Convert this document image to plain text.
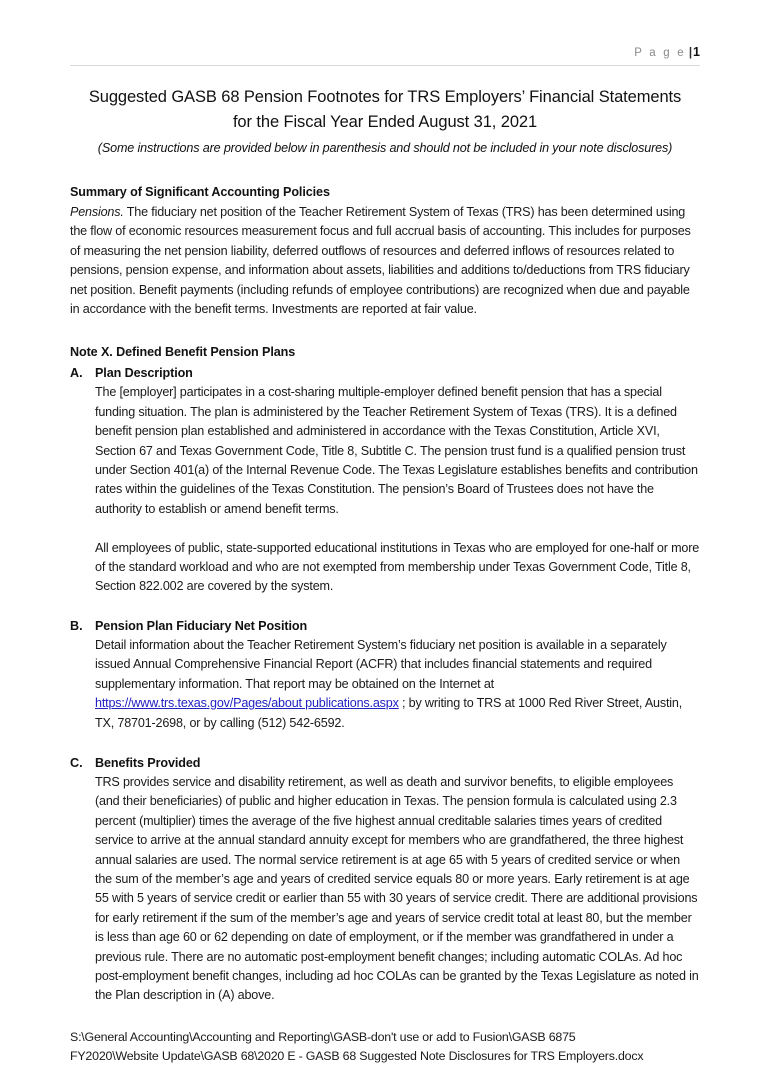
P a g e |1
Suggested GASB 68 Pension Footnotes for TRS Employers’ Financial Statements
for the Fiscal Year Ended August 31, 2021
(Some instructions are provided below in parenthesis and should not be included in your note disclosures)
Summary of Significant Accounting Policies
Pensions. The fiduciary net position of the Teacher Retirement System of Texas (TRS) has been determined using the flow of economic resources measurement focus and full accrual basis of accounting. This includes for purposes of measuring the net pension liability, deferred outflows of resources and deferred inflows of resources related to pensions, pension expense, and information about assets, liabilities and additions to/deductions from TRS fiduciary net position. Benefit payments (including refunds of employee contributions) are recognized when due and payable in accordance with the benefit terms. Investments are reported at fair value.
Note X. Defined Benefit Pension Plans
A. Plan Description
The [employer] participates in a cost-sharing multiple-employer defined benefit pension that has a special funding situation. The plan is administered by the Teacher Retirement System of Texas (TRS). It is a defined benefit pension plan established and administered in accordance with the Texas Constitution, Article XVI, Section 67 and Texas Government Code, Title 8, Subtitle C. The pension trust fund is a qualified pension trust under Section 401(a) of the Internal Revenue Code. The Texas Legislature establishes benefits and contribution rates within the guidelines of the Texas Constitution. The pension’s Board of Trustees does not have the authority to establish or amend benefit terms.
All employees of public, state-supported educational institutions in Texas who are employed for one-half or more of the standard workload and who are not exempted from membership under Texas Government Code, Title 8, Section 822.002 are covered by the system.
B. Pension Plan Fiduciary Net Position
Detail information about the Teacher Retirement System’s fiduciary net position is available in a separately issued Annual Comprehensive Financial Report (ACFR) that includes financial statements and required supplementary information. That report may be obtained on the Internet at https://www.trs.texas.gov/Pages/about publications.aspx ; by writing to TRS at 1000 Red River Street, Austin, TX, 78701-2698, or by calling (512) 542-6592.
C. Benefits Provided
TRS provides service and disability retirement, as well as death and survivor benefits, to eligible employees (and their beneficiaries) of public and higher education in Texas. The pension formula is calculated using 2.3 percent (multiplier) times the average of the five highest annual creditable salaries times years of credited service to arrive at the annual standard annuity except for members who are grandfathered, the three highest annual salaries are used. The normal service retirement is at age 65 with 5 years of credited service or when the sum of the member’s age and years of credited service equals 80 or more years. Early retirement is at age 55 with 5 years of service credit or earlier than 55 with 30 years of service credit. There are additional provisions for early retirement if the sum of the member’s age and years of service credit total at least 80, but the member is less than age 60 or 62 depending on date of employment, or if the member was grandfathered in under a previous rule. There are no automatic post-employment benefit changes; including automatic COLAs. Ad hoc post-employment benefit changes, including ad hoc COLAs can be granted by the Texas Legislature as noted in the Plan description in (A) above.
S:\General Accounting\Accounting and Reporting\GASB-don't use or add to Fusion\GASB 6875
FY2020\Website Update\GASB 68\2020 E - GASB 68 Suggested Note Disclosures for TRS Employers.docx
